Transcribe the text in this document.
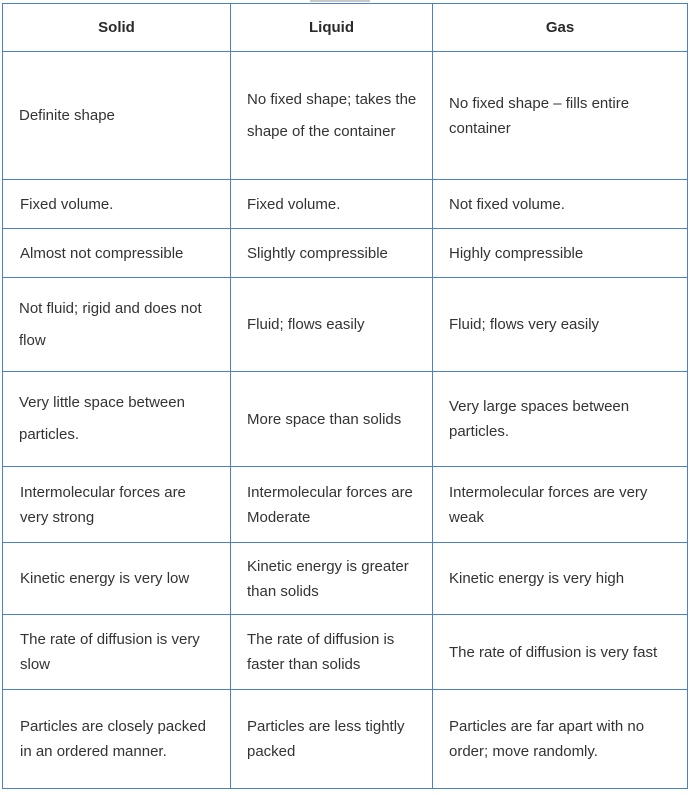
Solid	Liquid	Gas
Definite shape	No fixed shape; takes the shape of the container	No fixed shape – fills entire container
Fixed volume.	Fixed volume.	Not fixed volume.
Almost not compressible	Slightly compressible	Highly compressible
Not fluid; rigid and does not flow	Fluid; flows easily	Fluid; flows very easily
Very little space between particles.	More space than solids	Very large spaces between particles.
Intermolecular forces are very strong	Intermolecular forces are Moderate	Intermolecular forces are very weak
Kinetic energy is very low	Kinetic energy is greater than solids	Kinetic energy is very high
The rate of diffusion is very slow	The rate of diffusion is faster than solids	The rate of diffusion is very fast
Particles are closely packed in an ordered manner.	Particles are less tightly packed	Particles are far apart with no order; move randomly.
